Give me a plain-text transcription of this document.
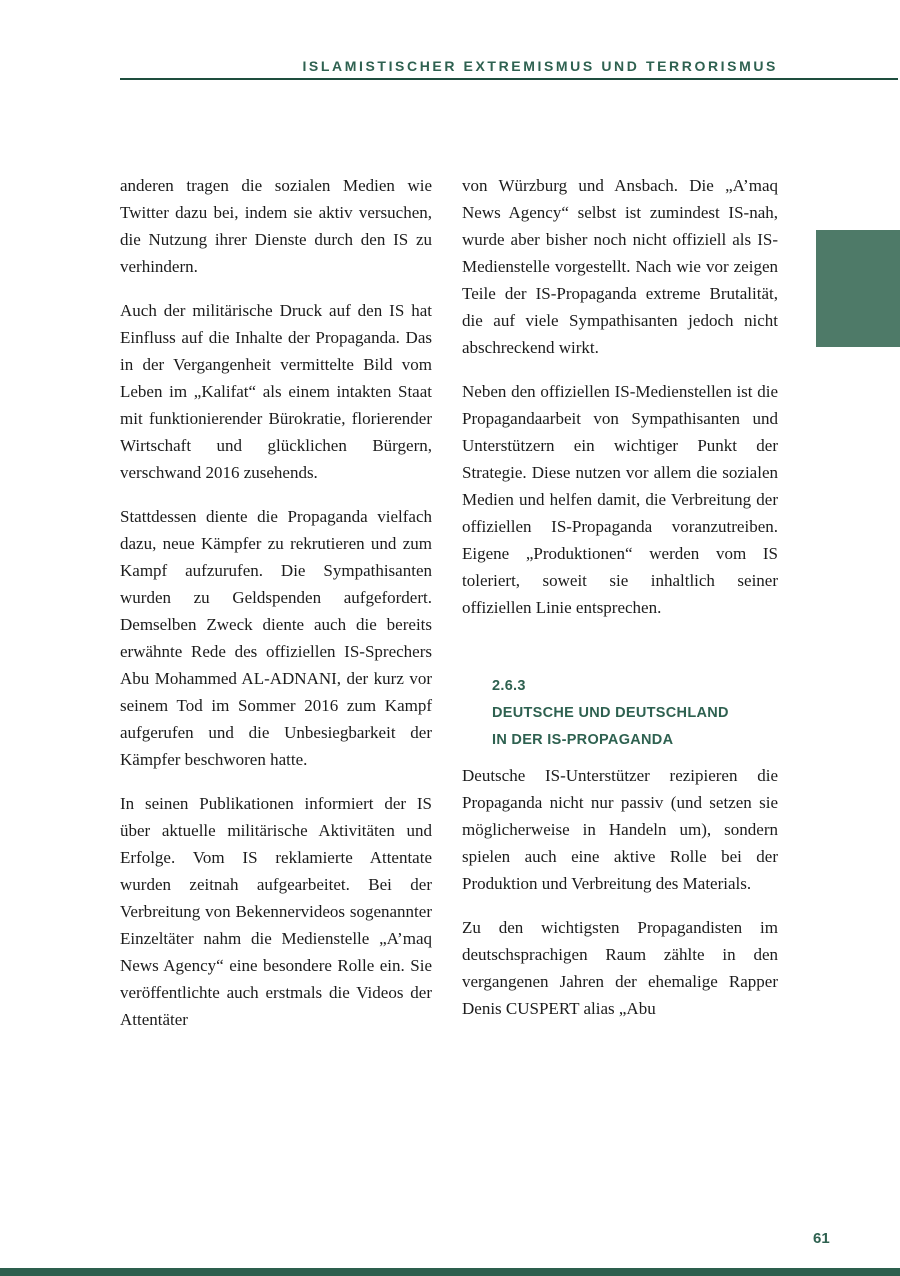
ISLAMISTISCHER EXTREMISMUS UND TERRORISMUS

anderen tragen die sozialen Medien wie Twitter dazu bei, indem sie aktiv versuchen, die Nutzung ihrer Dienste durch den IS zu verhindern.

Auch der militärische Druck auf den IS hat Einfluss auf die Inhalte der Propaganda. Das in der Vergangenheit vermittelte Bild vom Leben im „Kalifat“ als einem intakten Staat mit funktionierender Bürokratie, florierender Wirtschaft und glücklichen Bürgern, verschwand 2016 zusehends.

Stattdessen diente die Propaganda vielfach dazu, neue Kämpfer zu rekrutieren und zum Kampf aufzurufen. Die Sympathisanten wurden zu Geldspenden aufgefordert. Demselben Zweck diente auch die bereits erwähnte Rede des offiziellen IS-Sprechers Abu Mohammed AL-ADNANI, der kurz vor seinem Tod im Sommer 2016 zum Kampf aufgerufen und die Unbesiegbarkeit der Kämpfer beschworen hatte.

In seinen Publikationen informiert der IS über aktuelle militärische Aktivitäten und Erfolge. Vom IS reklamierte Attentate wurden zeitnah aufgearbeitet. Bei der Verbreitung von Bekennervideos sogenannter Einzeltäter nahm die Medienstelle „A’maq News Agency“ eine besondere Rolle ein. Sie veröffentlichte auch erstmals die Videos der Attentäter

von Würzburg und Ansbach. Die „A’maq News Agency“ selbst ist zumindest IS-nah, wurde aber bisher noch nicht offiziell als IS-Medienstelle vorgestellt. Nach wie vor zeigen Teile der IS-Propaganda extreme Brutalität, die auf viele Sympathisanten jedoch nicht abschreckend wirkt.

Neben den offiziellen IS-Medienstellen ist die Propagandaarbeit von Sympathisanten und Unterstützern ein wichtiger Punkt der Strategie. Diese nutzen vor allem die sozialen Medien und helfen damit, die Verbreitung der offiziellen IS-Propaganda voranzutreiben. Eigene „Produktionen“ werden vom IS toleriert, soweit sie inhaltlich seiner offiziellen Linie entsprechen.

2.6.3
DEUTSCHE UND DEUTSCHLAND
IN DER IS-PROPAGANDA

Deutsche IS-Unterstützer rezipieren die Propaganda nicht nur passiv (und setzen sie möglicherweise in Handeln um), sondern spielen auch eine aktive Rolle bei der Produktion und Verbreitung des Materials.

Zu den wichtigsten Propagandisten im deutschsprachigen Raum zählte in den vergangenen Jahren der ehemalige Rapper Denis CUSPERT alias „Abu

61
